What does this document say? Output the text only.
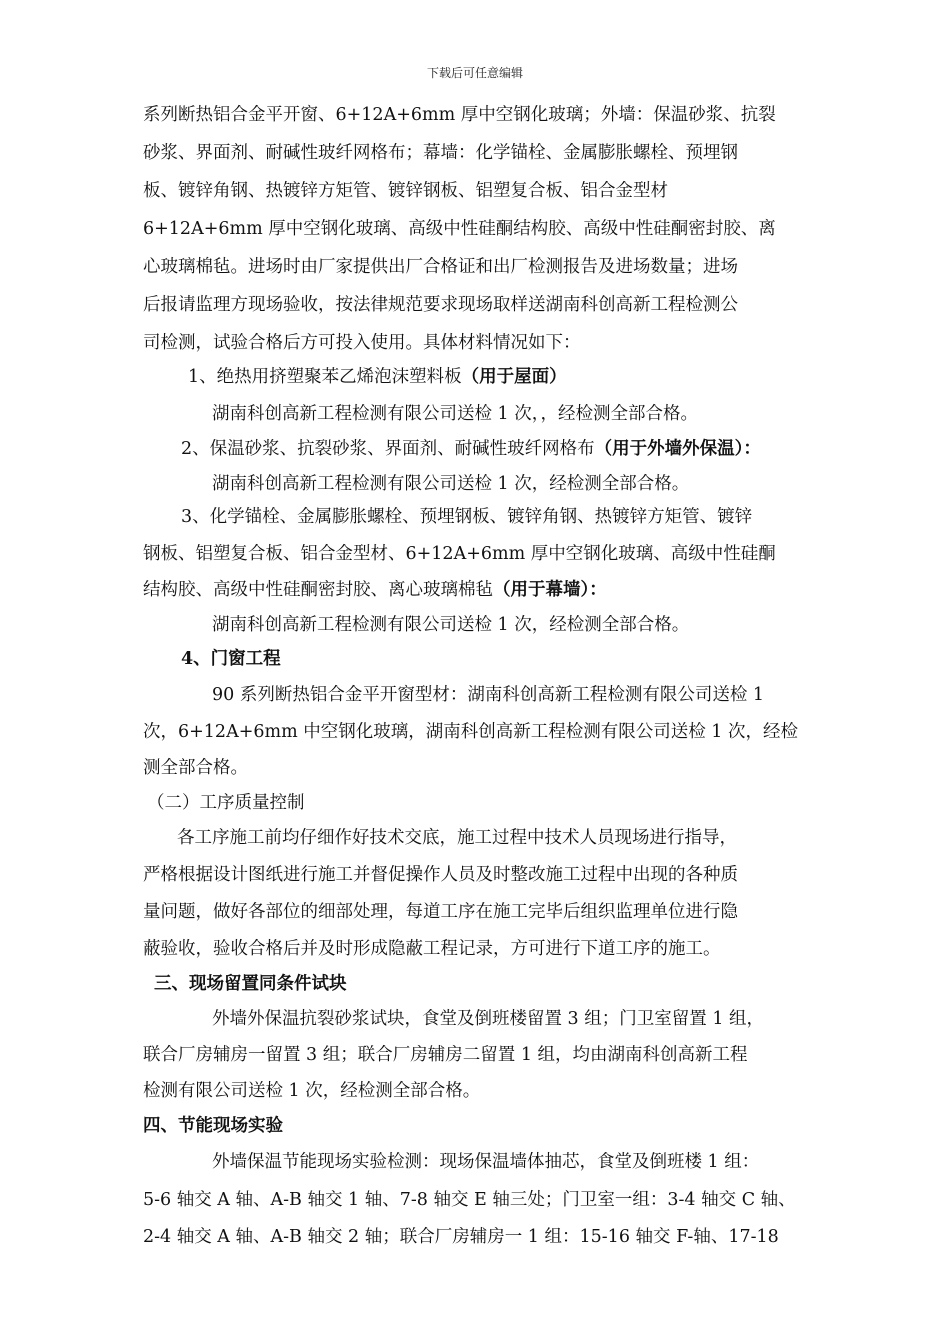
下载后可任意编辑
系列断热铝合金平开窗、6+12A+6mm 厚中空钢化玻璃；外墙：保温砂浆、抗裂
砂浆、界面剂、耐碱性玻纤网格布；幕墙：化学锚栓、金属膨胀螺栓、预埋钢
板、镀锌角钢、热镀锌方矩管、镀锌钢板、铝塑复合板、铝合金型材
6+12A+6mm 厚中空钢化玻璃、高级中性硅酮结构胶、高级中性硅酮密封胶、离
心玻璃棉毡。进场时由厂家提供出厂合格证和出厂检测报告及进场数量；进场
后报请监理方现场验收，按法律规范要求现场取样送湖南科创高新工程检测公
司检测，试验合格后方可投入使用。具体材料情况如下：
1、绝热用挤塑聚苯乙烯泡沫塑料板（用于屋面）
湖南科创高新工程检测有限公司送检 1 次，，经检测全部合格。
2、保温砂浆、抗裂砂浆、界面剂、耐碱性玻纤网格布（用于外墙外保温）：
湖南科创高新工程检测有限公司送检 1 次，经检测全部合格。
3、化学锚栓、金属膨胀螺栓、预埋钢板、镀锌角钢、热镀锌方矩管、镀锌
钢板、铝塑复合板、铝合金型材、6+12A+6mm 厚中空钢化玻璃、高级中性硅酮
结构胶、高级中性硅酮密封胶、离心玻璃棉毡（用于幕墙）：
湖南科创高新工程检测有限公司送检 1 次，经检测全部合格。
4、门窗工程
90 系列断热铝合金平开窗型材：湖南科创高新工程检测有限公司送检 1
次，6+12A+6mm 中空钢化玻璃，湖南科创高新工程检测有限公司送检 1 次，经检
测全部合格。
（二）工序质量控制
各工序施工前均仔细作好技术交底，施工过程中技术人员现场进行指导，
严格根据设计图纸进行施工并督促操作人员及时整改施工过程中出现的各种质
量问题，做好各部位的细部处理，每道工序在施工完毕后组织监理单位进行隐
蔽验收，验收合格后并及时形成隐蔽工程记录，方可进行下道工序的施工。
三、现场留置同条件试块
外墙外保温抗裂砂浆试块，食堂及倒班楼留置 3 组；门卫室留置 1 组，
联合厂房辅房一留置 3 组；联合厂房辅房二留置 1 组，均由湖南科创高新工程
检测有限公司送检 1 次，经检测全部合格。
四、节能现场实验
外墙保温节能现场实验检测：现场保温墙体抽芯，食堂及倒班楼 1 组：
5-6 轴交 A 轴、A-B 轴交 1 轴、7-8 轴交 E 轴三处；门卫室一组：3-4 轴交 C 轴、
2-4 轴交 A 轴、A-B 轴交 2 轴；联合厂房辅房一 1 组：15-16 轴交 F-轴、17-18
